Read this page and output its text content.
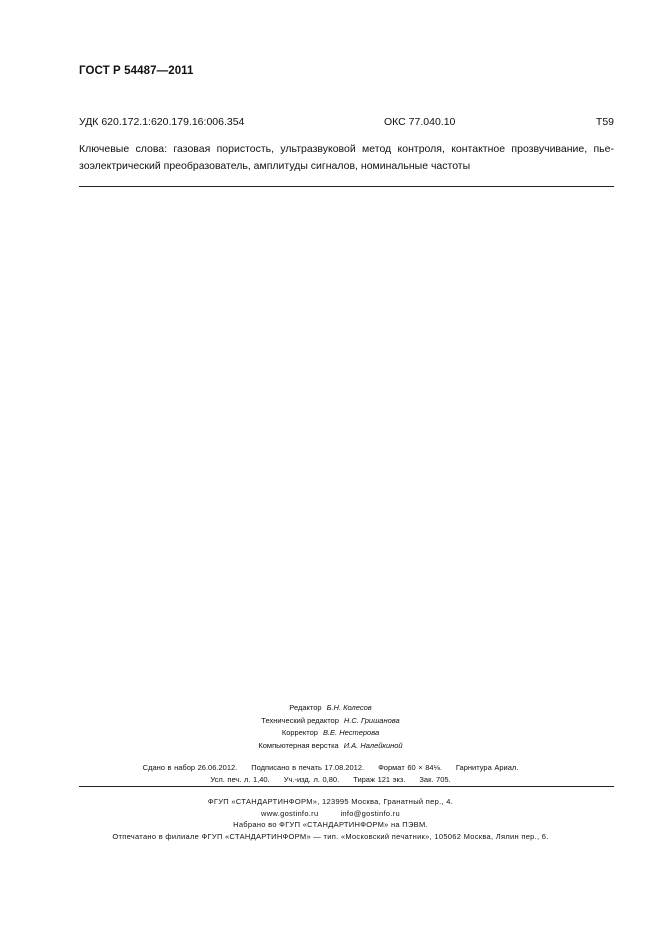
ГОСТ Р 54487—2011
УДК 620.172.1:620.179.16:006.354	ОКС 77.040.10	Т59
Ключевые слова: газовая пористость, ультразвуковой метод контроля, контактное прозвучивание, пьезоэлектрический преобразователь, амплитуды сигналов, номинальные частоты
Редактор Б.Н. Колесов
Технический редактор Н.С. Гришанова
Корректор В.Е. Нестерова
Компьютерная верстка И.А. Налейкиной
Сдано в набор 26.06.2012. Подписано в печать 17.08.2012. Формат 60 × 84⅛. Гарнитура Ариал.
Усл. печ. л. 1,40. Уч.-изд. л. 0,80. Тираж 121 экз. Зак. 705.
ФГУП «СТАНДАРТИНФОРМ», 123995 Москва, Гранатный пер., 4.
www.gostinfo.ru	info@gostinfo.ru
Набрано во ФГУП «СТАНДАРТИНФОРМ» на ПЭВМ.
Отпечатано в филиале ФГУП «СТАНДАРТИНФОРМ» — тип. «Московский печатник», 105062 Москва, Лялин пер., 6.
